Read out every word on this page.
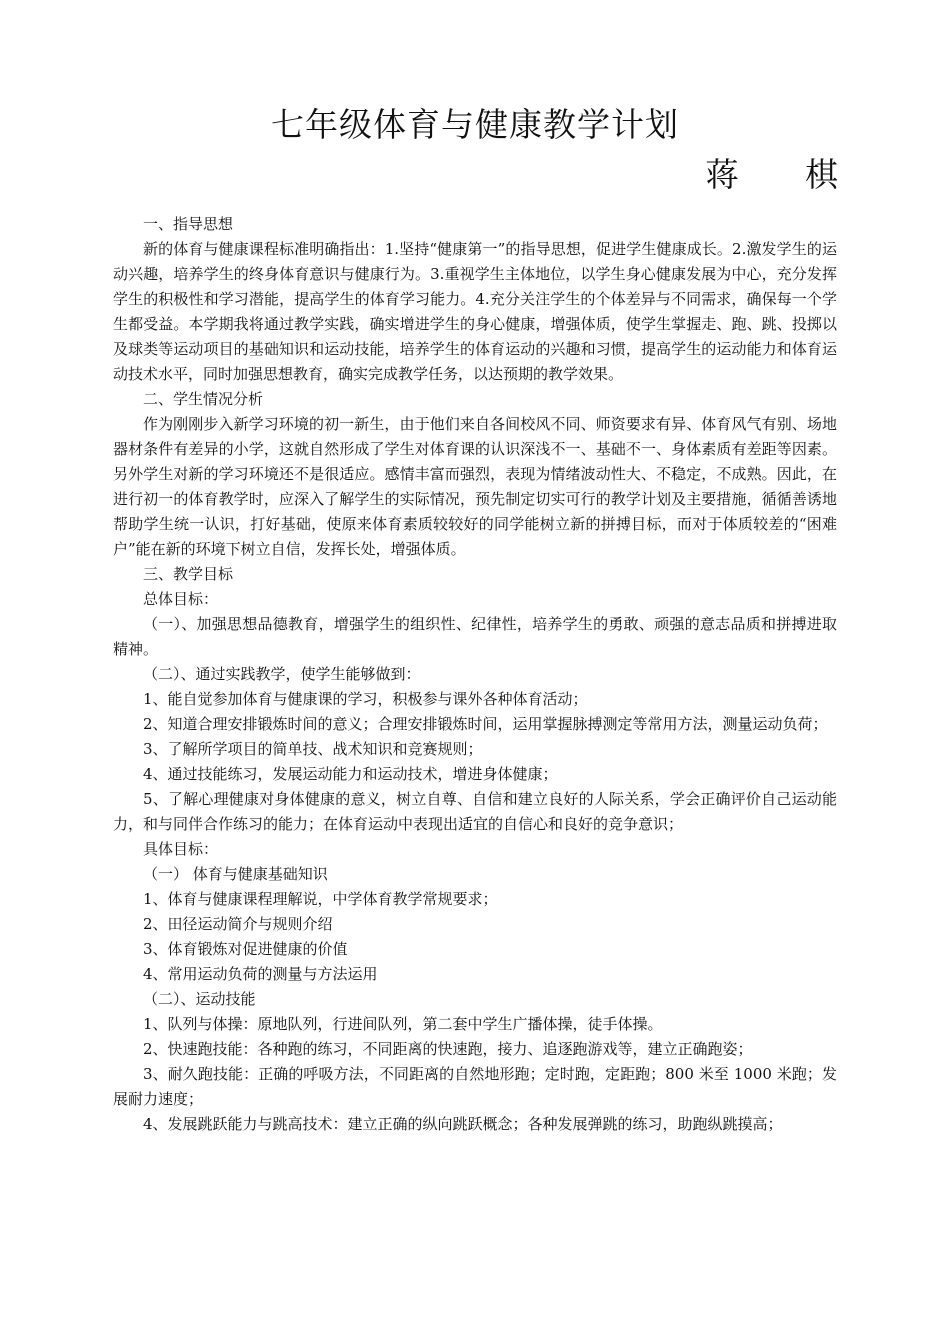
七年级体育与健康教学计划
蒋 棋

一、指导思想

新的体育与健康课程标准明确指出：1.坚持“健康第一”的指导思想，促进学生健康成长。2.激发学生的运动兴趣，培养学生的终身体育意识与健康行为。3.重视学生主体地位，以学生身心健康发展为中心，充分发挥学生的积极性和学习潜能，提高学生的体育学习能力。4.充分关注学生的个体差异与不同需求，确保每一个学生都受益。本学期我将通过教学实践，确实增进学生的身心健康，增强体质，使学生掌握走、跑、跳、投掷以及球类等运动项目的基础知识和运动技能，培养学生的体育运动的兴趣和习惯，提高学生的运动能力和体育运动技术水平，同时加强思想教育，确实完成教学任务，以达预期的教学效果。

二、学生情况分析

作为刚刚步入新学习环境的初一新生，由于他们来自各间校风不同、师资要求有异、体育风气有别、场地器材条件有差异的小学，这就自然形成了学生对体育课的认识深浅不一、基础不一、身体素质有差距等因素。另外学生对新的学习环境还不是很适应。感情丰富而强烈，表现为情绪波动性大、不稳定，不成熟。因此，在进行初一的体育教学时，应深入了解学生的实际情况，预先制定切实可行的教学计划及主要措施，循循善诱地帮助学生统一认识，打好基础，使原来体育素质较较好的同学能树立新的拼搏目标，而对于体质较差的“困难户”能在新的环境下树立自信，发挥长处，增强体质。

三、教学目标

总体目标：

（一）、加强思想品德教育，增强学生的组织性、纪律性，培养学生的勇敢、顽强的意志品质和拼搏进取精神。

（二）、通过实践教学，使学生能够做到：

1、能自觉参加体育与健康课的学习，积极参与课外各种体育活动；

2、知道合理安排锻炼时间的意义；合理安排锻炼时间，运用掌握脉搏测定等常用方法，测量运动负荷；

3、了解所学项目的简单技、战术知识和竞赛规则；

4、通过技能练习，发展运动能力和运动技术，增进身体健康；

5、了解心理健康对身体健康的意义，树立自尊、自信和建立良好的人际关系，学会正确评价自己运动能力，和与同伴合作练习的能力；在体育运动中表现出适宜的自信心和良好的竞争意识；

具体目标：

（一） 体育与健康基础知识

1、体育与健康课程理解说，中学体育教学常规要求；

2、田径运动简介与规则介绍

3、体育锻炼对促进健康的价值

4、常用运动负荷的测量与方法运用

（二）、运动技能

1、队列与体操：原地队列，行进间队列，第二套中学生广播体操，徒手体操。

2、快速跑技能：各种跑的练习，不同距离的快速跑，接力、追逐跑游戏等，建立正确跑姿；

3、耐久跑技能：正确的呼吸方法，不同距离的自然地形跑；定时跑，定距跑；800 米至 1000 米跑；发展耐力速度；

4、发展跳跃能力与跳高技术：建立正确的纵向跳跃概念；各种发展弹跳的练习，助跑纵跳摸高；
